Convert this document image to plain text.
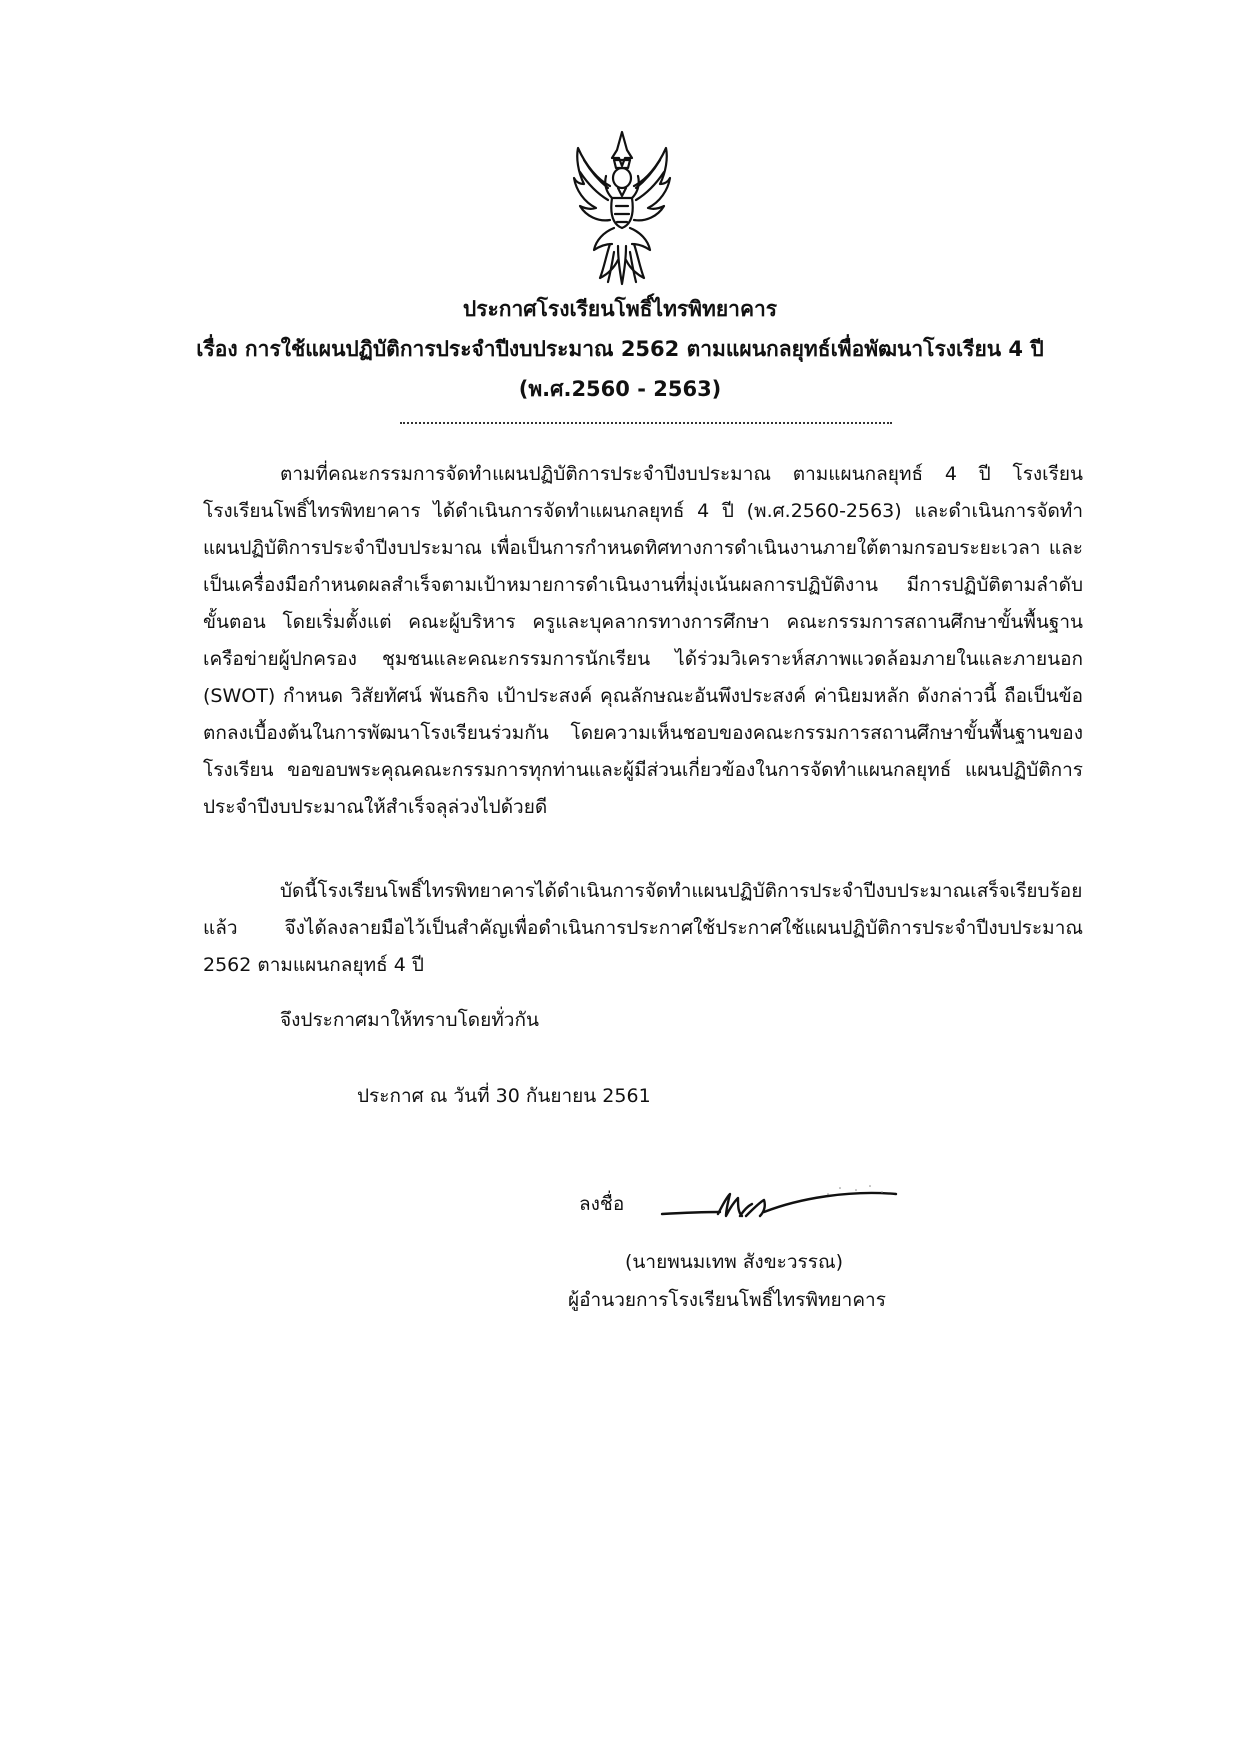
ประกาศโรงเรียนโพธิ์ไทรพิทยาคาร
เรื่อง การใช้แผนปฏิบัติการประจำปีงบประมาณ 2562 ตามแผนกลยุทธ์เพื่อพัฒนาโรงเรียน 4 ปี
(พ.ศ.2560 - 2563)
ตามที่คณะกรรมการจัดทำแผนปฏิบัติการประจำปีงบประมาณ ตามแผนกลยุทธ์ 4 ปี โรงเรียนโรงเรียนโพธิ์ไทรพิทยาคาร ได้ดำเนินการจัดทำแผนกลยุทธ์ 4 ปี (พ.ศ.2560-2563) และดำเนินการจัดทำแผนปฏิบัติการประจำปีงบประมาณ เพื่อเป็นการกำหนดทิศทางการดำเนินงานภายใต้ตามกรอบระยะเวลา และเป็นเครื่องมือกำหนดผลสำเร็จตามเป้าหมายการดำเนินงานที่มุ่งเน้นผลการปฏิบัติงาน มีการปฏิบัติตามลำดับขั้นตอน โดยเริ่มตั้งแต่ คณะผู้บริหาร ครูและบุคลากรทางการศึกษา คณะกรรมการสถานศึกษาขั้นพื้นฐาน เครือข่ายผู้ปกครอง ชุมชนและคณะกรรมการนักเรียน ได้ร่วมวิเคราะห์สภาพแวดล้อมภายในและภายนอก (SWOT) กำหนด วิสัยทัศน์ พันธกิจ เป้าประสงค์ คุณลักษณะอันพึงประสงค์ ค่านิยมหลัก ดังกล่าวนี้ ถือเป็นข้อตกลงเบื้องต้นในการพัฒนาโรงเรียนร่วมกัน โดยความเห็นชอบของคณะกรรมการสถานศึกษาขั้นพื้นฐานของโรงเรียน ขอขอบพระคุณคณะกรรมการทุกท่านและผู้มีส่วนเกี่ยวข้องในการจัดทำแผนกลยุทธ์ แผนปฏิบัติการประจำปีงบประมาณให้สำเร็จลุล่วงไปด้วยดี
บัดนี้โรงเรียนโพธิ์ไทรพิทยาคารได้ดำเนินการจัดทำแผนปฏิบัติการประจำปีงบประมาณเสร็จเรียบร้อยแล้ว จึงได้ลงลายมือไว้เป็นสำคัญเพื่อดำเนินการประกาศใช้ประกาศใช้แผนปฏิบัติการประจำปีงบประมาณ 2562 ตามแผนกลยุทธ์ 4 ปี
จึงประกาศมาให้ทราบโดยทั่วกัน
ประกาศ ณ วันที่ 30 กันยายน 2561
ลงชื่อ
(นายพนมเทพ สังขะวรรณ)
ผู้อำนวยการโรงเรียนโพธิ์ไทรพิทยาคาร
